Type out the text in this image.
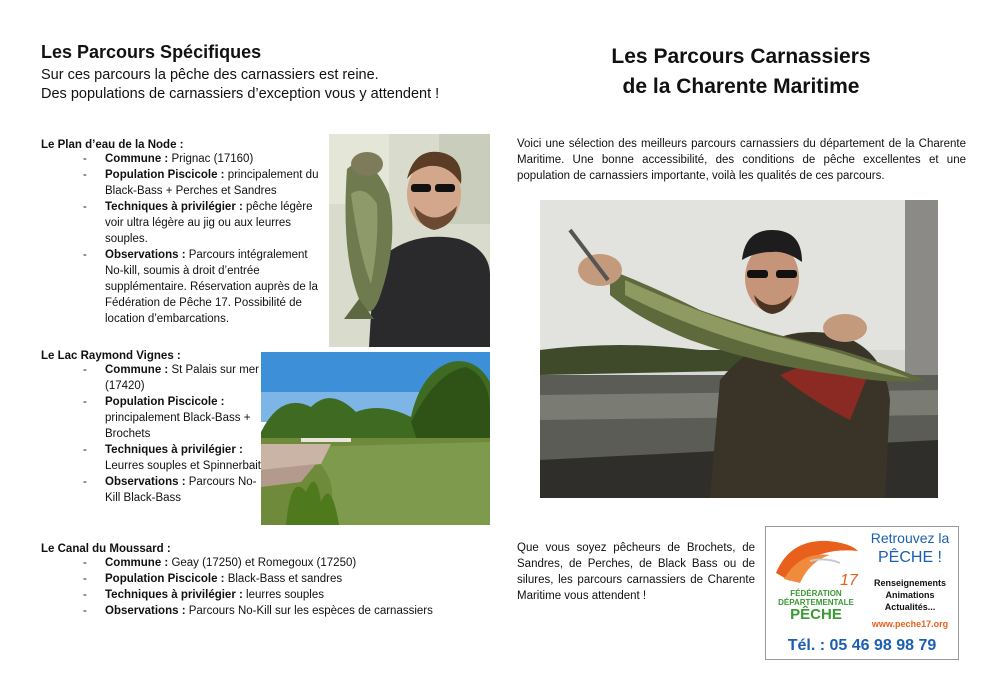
Les Parcours Spécifiques
Sur ces parcours la pêche des carnassiers est reine.
Des populations de carnassiers d’exception vous y attendent !
Le Plan d’eau de la Node :
- Commune : Prignac (17160)
- Population Piscicole : principalement du Black-Bass + Perches et Sandres
- Techniques à privilégier : pêche légère voir ultra légère au jig ou aux leurres souples.
- Observations : Parcours intégralement No-kill, soumis à droit d’entrée supplémentaire. Réservation auprès de la Fédération de Pêche 17. Possibilité de location d’embarcations.
Le Lac Raymond Vignes :
- Commune : St Palais sur mer (17420)
- Population Piscicole : principalement Black-Bass + Brochets
- Techniques à privilégier : Leurres souples et Spinnerbait
- Observations : Parcours No-Kill Black-Bass
Le Canal du Moussard :
- Commune : Geay (17250) et Romegoux (17250)
- Population Piscicole : Black-Bass et sandres
- Techniques à privilégier : leurres souples
- Observations : Parcours No-Kill sur les espèces de carnassiers
Les Parcours Carnassiers
de la Charente Maritime
Voici une sélection des meilleurs parcours carnassiers du département de la Charente Maritime. Une bonne accessibilité, des conditions de pêche excellentes et une population de carnassiers importante, voilà les qualités de ces parcours.
Que vous soyez pêcheurs de Brochets, de Sandres, de Perches, de Black Bass ou de silures, les parcours carnassiers de Charente Maritime vous attendent !
17
FÉDÉRATION
DÉPARTEMENTALE
PÊCHE
Retrouvez la
PÊCHE !
Renseignements
Animations
Actualités...
www.peche17.org
Tél. : 05 46 98 98 79
